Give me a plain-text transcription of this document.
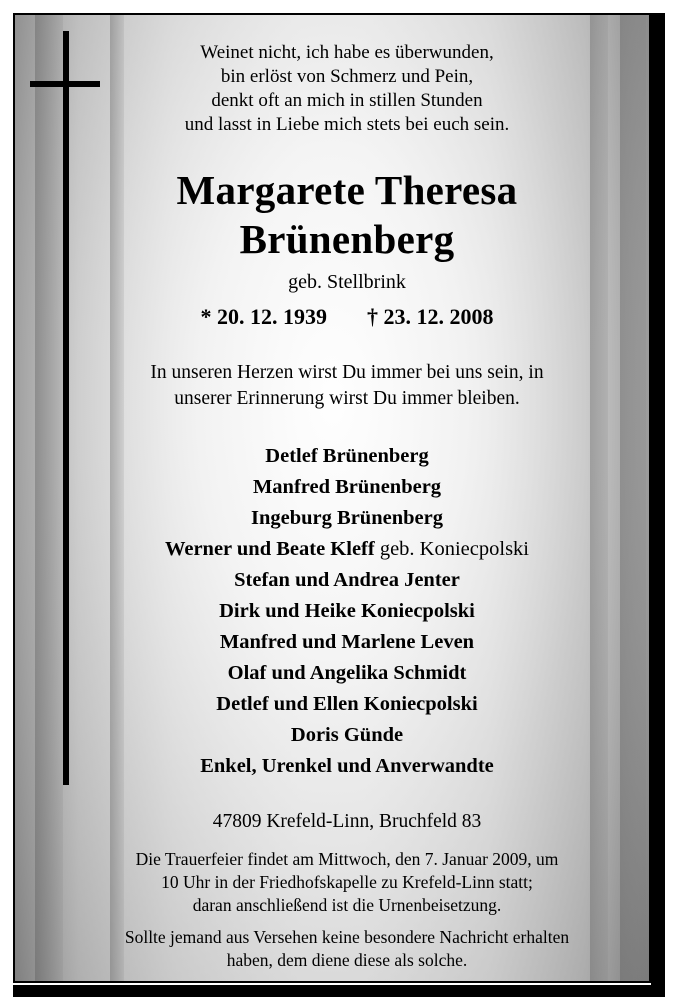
Weinet nicht, ich habe es überwunden,
bin erlöst von Schmerz und Pein,
denkt oft an mich in stillen Stunden
und lasst in Liebe mich stets bei euch sein.
Margarete Theresa
Brünenberg
geb. Stellbrink
* 20. 12. 1939 † 23. 12. 2008
In unseren Herzen wirst Du immer bei uns sein, in
unserer Erinnerung wirst Du immer bleiben.
Detlef Brünenberg
Manfred Brünenberg
Ingeburg Brünenberg
Werner und Beate Kleff geb. Koniecpolski
Stefan und Andrea Jenter
Dirk und Heike Koniecpolski
Manfred und Marlene Leven
Olaf und Angelika Schmidt
Detlef und Ellen Koniecpolski
Doris Günde
Enkel, Urenkel und Anverwandte
47809 Krefeld-Linn, Bruchfeld 83
Die Trauerfeier findet am Mittwoch, den 7. Januar 2009, um
10 Uhr in der Friedhofskapelle zu Krefeld-Linn statt;
daran anschließend ist die Urnenbeisetzung.
Sollte jemand aus Versehen keine besondere Nachricht erhalten
haben, dem diene diese als solche.
